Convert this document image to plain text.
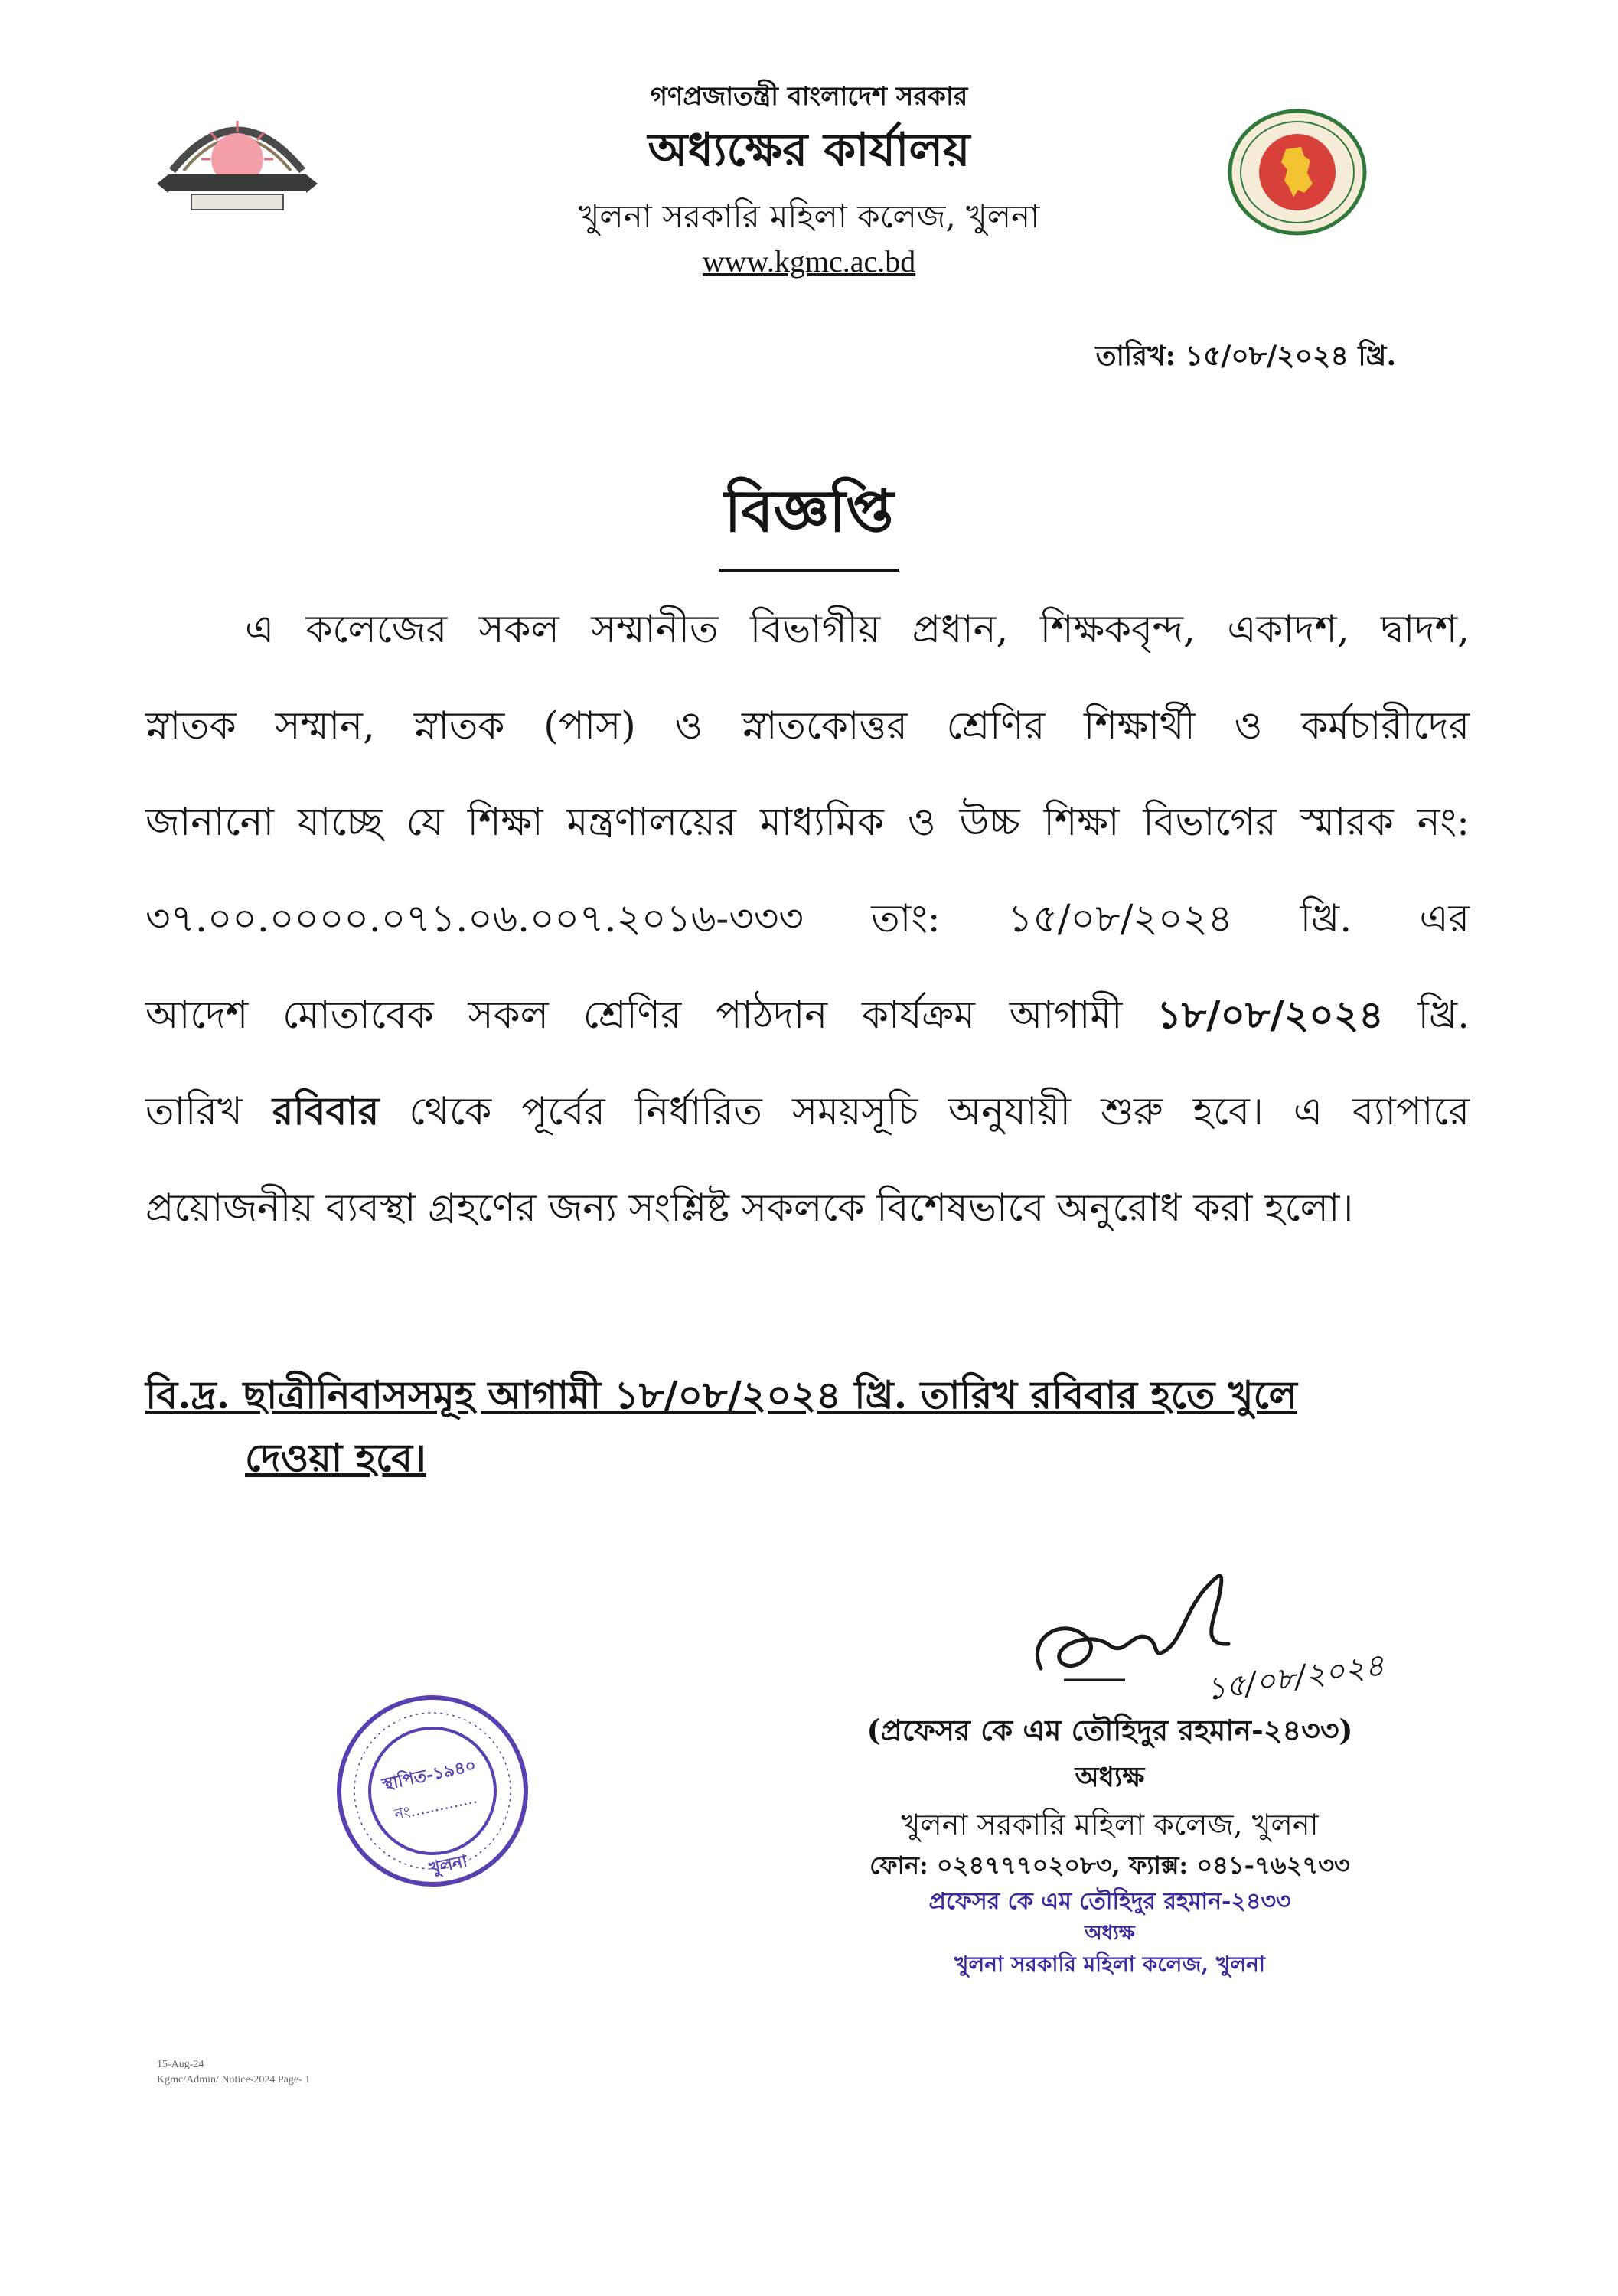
গণপ্রজাতন্ত্রী বাংলাদেশ সরকার
অধ্যক্ষের কার্যালয়
খুলনা সরকারি মহিলা কলেজ, খুলনা
www.kgmc.ac.bd
তারিখ: ১৫/০৮/২০২৪ খ্রি.
বিজ্ঞপ্তি
এ কলেজের সকল সম্মানীত বিভাগীয় প্রধান, শিক্ষকবৃন্দ, একাদশ, দ্বাদশ,
স্নাতক সম্মান, স্নাতক (পাস) ও স্নাতকোত্তর শ্রেণির শিক্ষার্থী ও কর্মচারীদের
জানানো যাচ্ছে যে শিক্ষা মন্ত্রণালয়ের মাধ্যমিক ও উচ্চ শিক্ষা বিভাগের স্মারক নং:
৩৭.০০.০০০০.০৭১.০৬.০০৭.২০১৬-৩৩৩ তাং: ১৫/০৮/২০২৪ খ্রি. এর
আদেশ মোতাবেক সকল শ্রেণির পাঠদান কার্যক্রম আগামী ১৮/০৮/২০২৪ খ্রি.
তারিখ রবিবার থেকে পূর্বের নির্ধারিত সময়সূচি অনুযায়ী শুরু হবে। এ ব্যাপারে
প্রয়োজনীয় ব্যবস্থা গ্রহণের জন্য সংশ্লিষ্ট সকলকে বিশেষভাবে অনুরোধ করা হলো।
বি.দ্র. ছাত্রীনিবাসসমূহ আগামী ১৮/০৮/২০২৪ খ্রি. তারিখ রবিবার হতে খুলে
দেওয়া হবে।
১৫/০৮/২০২৪
(প্রফেসর কে এম তৌহিদুর রহমান-২৪৩৩)
অধ্যক্ষ
খুলনা সরকারি মহিলা কলেজ, খুলনা
ফোন: ০২৪৭৭৭০২০৮৩, ফ্যাক্স: ০৪১-৭৬২৭৩৩
প্রফেসর কে এম তৌহিদুর রহমান-২৪৩৩
অধ্যক্ষ
খুলনা সরকারি মহিলা কলেজ, খুলনা
স্থাপিত-১৯৪০
নং..............
খুলনা
15-Aug-24
Kgmc/Admin/ Notice-2024 Page- 1
